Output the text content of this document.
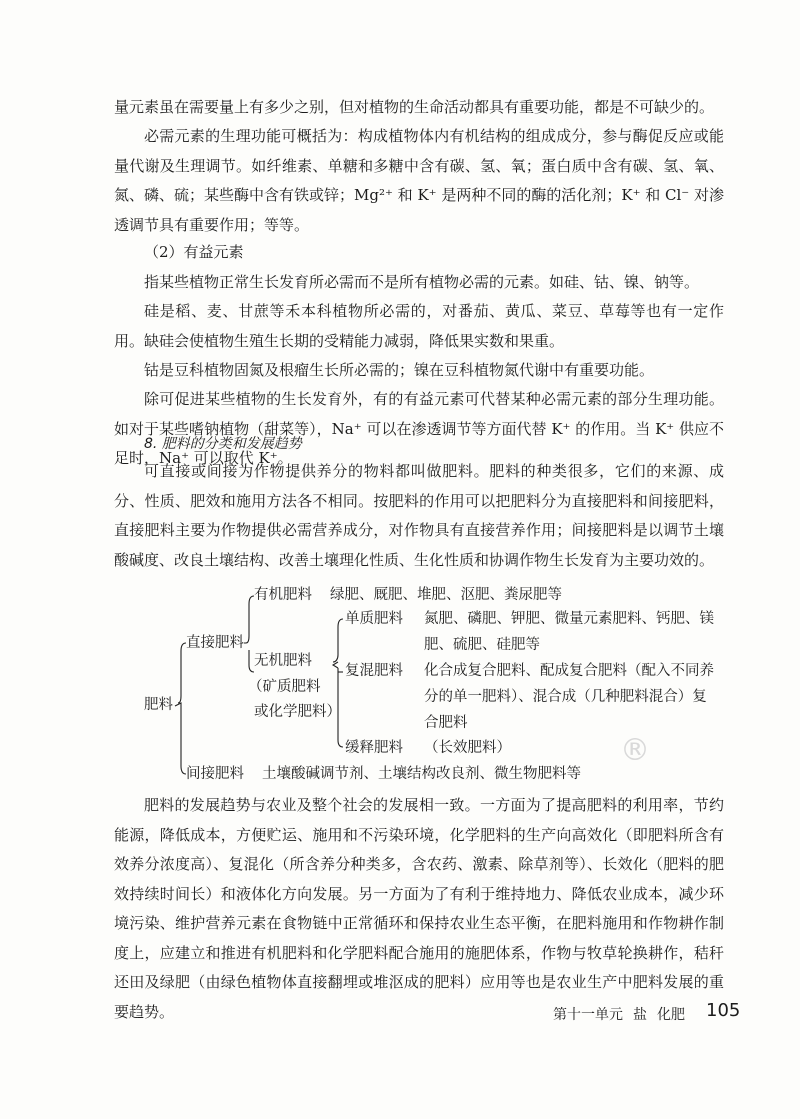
量元素虽在需要量上有多少之别，但对植物的生命活动都具有重要功能，都是不可缺少的。

必需元素的生理功能可概括为：构成植物体内有机结构的组成成分，参与酶促反应或能量代谢及生理调节。如纤维素、单糖和多糖中含有碳、氢、氧；蛋白质中含有碳、氢、氧、氮、磷、硫；某些酶中含有铁或锌；Mg²⁺ 和 K⁺ 是两种不同的酶的活化剂；K⁺ 和 Cl⁻ 对渗透调节具有重要作用；等等。

（2）有益元素

指某些植物正常生长发育所必需而不是所有植物必需的元素。如硅、钴、镍、钠等。

硅是稻、麦、甘蔗等禾本科植物所必需的，对番茄、黄瓜、菜豆、草莓等也有一定作用。缺硅会使植物生殖生长期的受精能力减弱，降低果实数和果重。

钴是豆科植物固氮及根瘤生长所必需的；镍在豆科植物氮代谢中有重要功能。

除可促进某些植物的生长发育外，有的有益元素可代替某种必需元素的部分生理功能。如对于某些嗜钠植物（甜菜等），Na⁺ 可以在渗透调节等方面代替 K⁺ 的作用。当 K⁺ 供应不足时，Na⁺ 可以取代 K⁺。

8. 肥料的分类和发展趋势

可直接或间接为作物提供养分的物料都叫做肥料。肥料的种类很多，它们的来源、成分、性质、肥效和施用方法各不相同。按肥料的作用可以把肥料分为直接肥料和间接肥料，直接肥料主要为作物提供必需营养成分，对作物具有直接营养作用；间接肥料是以调节土壤酸碱度、改良土壤结构、改善土壤理化性质、生化性质和协调作物生长发育为主要功效的。

肥料
直接肥料
间接肥料 土壤酸碱调节剂、土壤结构改良剂、微生物肥料等
有机肥料 绿肥、厩肥、堆肥、沤肥、粪尿肥等
无机肥料
（矿质肥料
或化学肥料）
单质肥料 氮肥、磷肥、钾肥、微量元素肥料、钙肥、镁肥、硫肥、硅肥等

复混肥料 化合成复合肥料、配成复合肥料（配入不同养分的单一肥料）、混合成（几种肥料混合）复合肥料

缓释肥料 （长效肥料）	®

肥料的发展趋势与农业及整个社会的发展相一致。一方面为了提高肥料的利用率，节约能源，降低成本，方便贮运、施用和不污染环境，化学肥料的生产向高效化（即肥料所含有效养分浓度高）、复混化（所含养分种类多，含农药、激素、除草剂等）、长效化（肥料的肥效持续时间长）和液体化方向发展。另一方面为了有利于维持地力、降低农业成本，减少环境污染、维护营养元素在食物链中正常循环和保持农业生态平衡，在肥料施用和作物耕作制度上，应建立和推进有机肥料和化学肥料配合施用的施肥体系，作物与牧草轮换耕作，秸秆还田及绿肥（由绿色植物体直接翻埋或堆沤成的肥料）应用等也是农业生产中肥料发展的重要趋势。	第十一单元 盐 化肥 105
